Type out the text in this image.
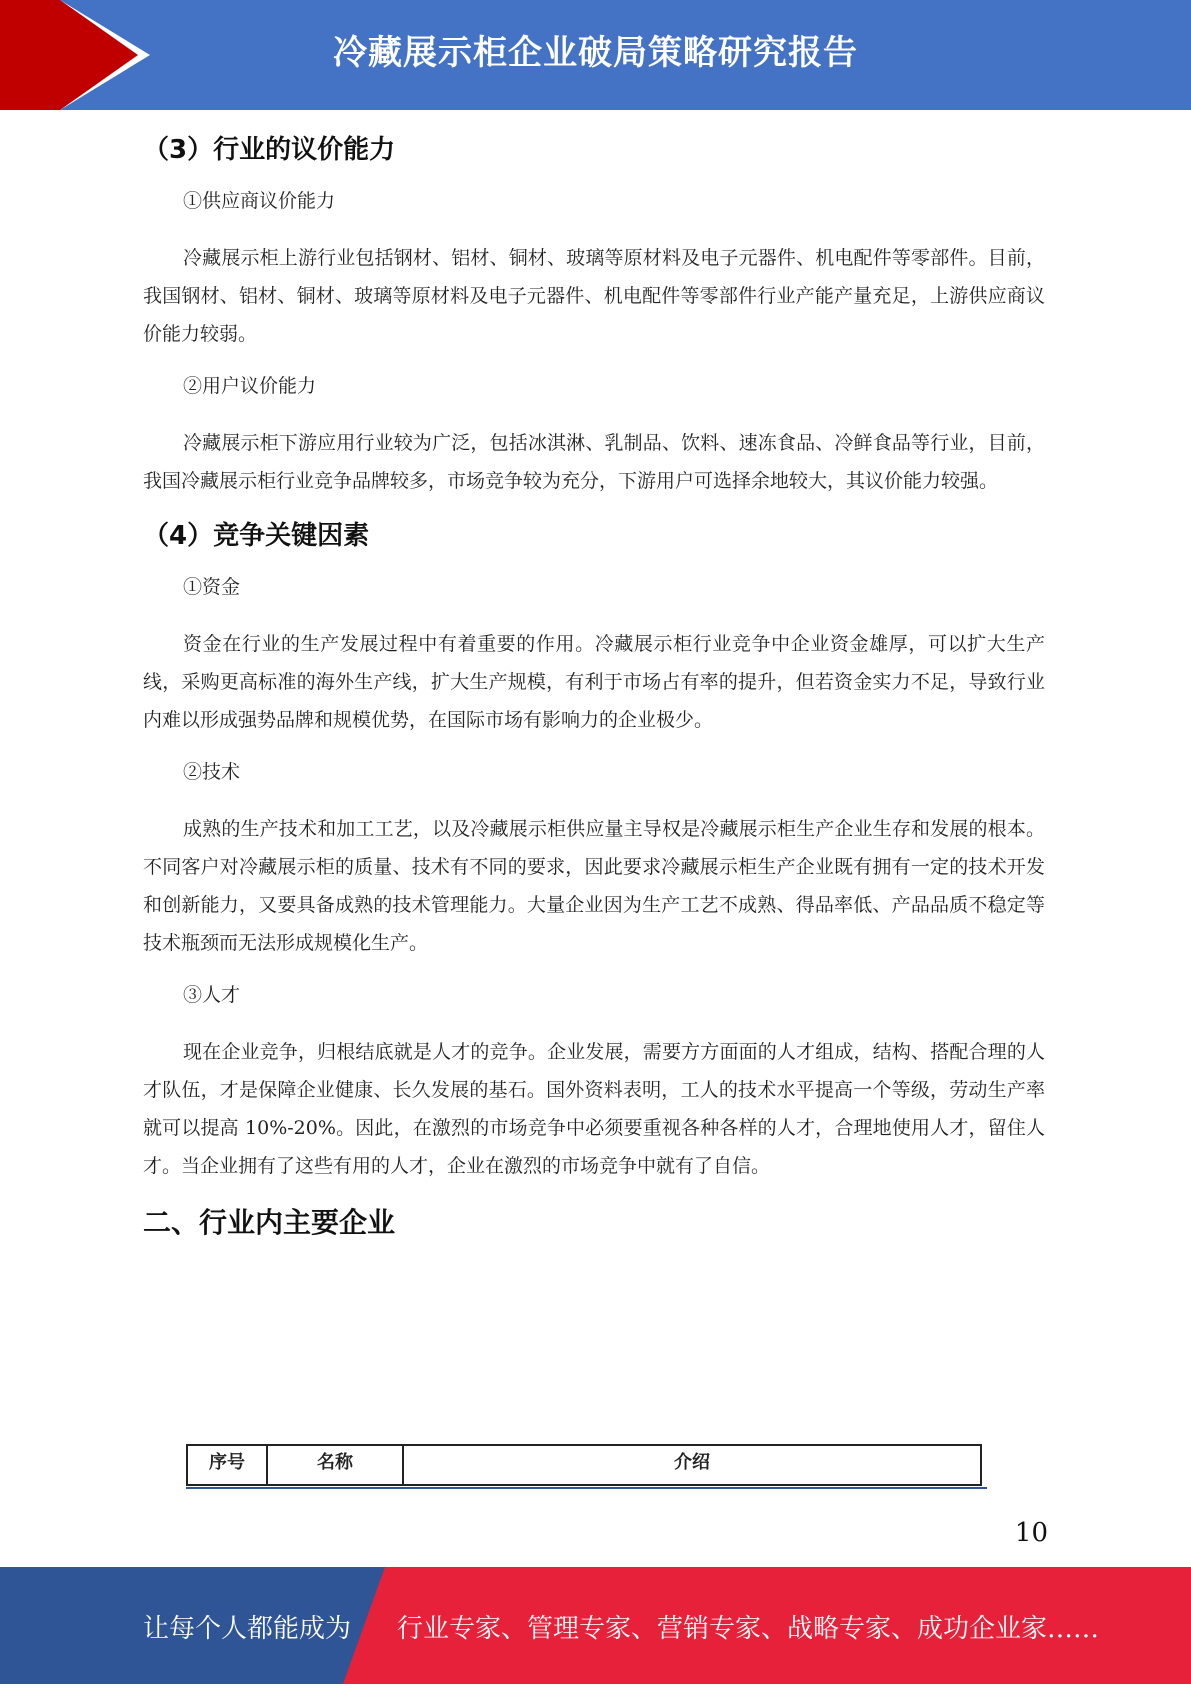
冷藏展示柜企业破局策略研究报告
（3）行业的议价能力

①供应商议价能力

冷藏展示柜上游行业包括钢材、铝材、铜材、玻璃等原材料及电子元器件、机电配件等零部件。目前，我国钢材、铝材、铜材、玻璃等原材料及电子元器件、机电配件等零部件行业产能产量充足，上游供应商议价能力较弱。

②用户议价能力

冷藏展示柜下游应用行业较为广泛，包括冰淇淋、乳制品、饮料、速冻食品、冷鲜食品等行业，目前，我国冷藏展示柜行业竞争品牌较多，市场竞争较为充分，下游用户可选择余地较大，其议价能力较强。

（4）竞争关键因素

①资金

资金在行业的生产发展过程中有着重要的作用。冷藏展示柜行业竞争中企业资金雄厚，可以扩大生产线，采购更高标准的海外生产线，扩大生产规模，有利于市场占有率的提升，但若资金实力不足，导致行业内难以形成强势品牌和规模优势，在国际市场有影响力的企业极少。

②技术

成熟的生产技术和加工工艺，以及冷藏展示柜供应量主导权是冷藏展示柜生产企业生存和发展的根本。不同客户对冷藏展示柜的质量、技术有不同的要求，因此要求冷藏展示柜生产企业既有拥有一定的技术开发和创新能力，又要具备成熟的技术管理能力。大量企业因为生产工艺不成熟、得品率低、产品品质不稳定等技术瓶颈而无法形成规模化生产。

③人才

现在企业竞争，归根结底就是人才的竞争。企业发展，需要方方面面的人才组成，结构、搭配合理的人才队伍，才是保障企业健康、长久发展的基石。国外资料表明，工人的技术水平提高一个等级，劳动生产率就可以提高 10%-20%。因此，在激烈的市场竞争中必须要重视各种各样的人才，合理地使用人才，留住人才。当企业拥有了这些有用的人才，企业在激烈的市场竞争中就有了自信。

二、行业内主要企业
序号	名称	介绍
10
让每个人都能成为 行业专家、管理专家、营销专家、战略专家、成功企业家……
